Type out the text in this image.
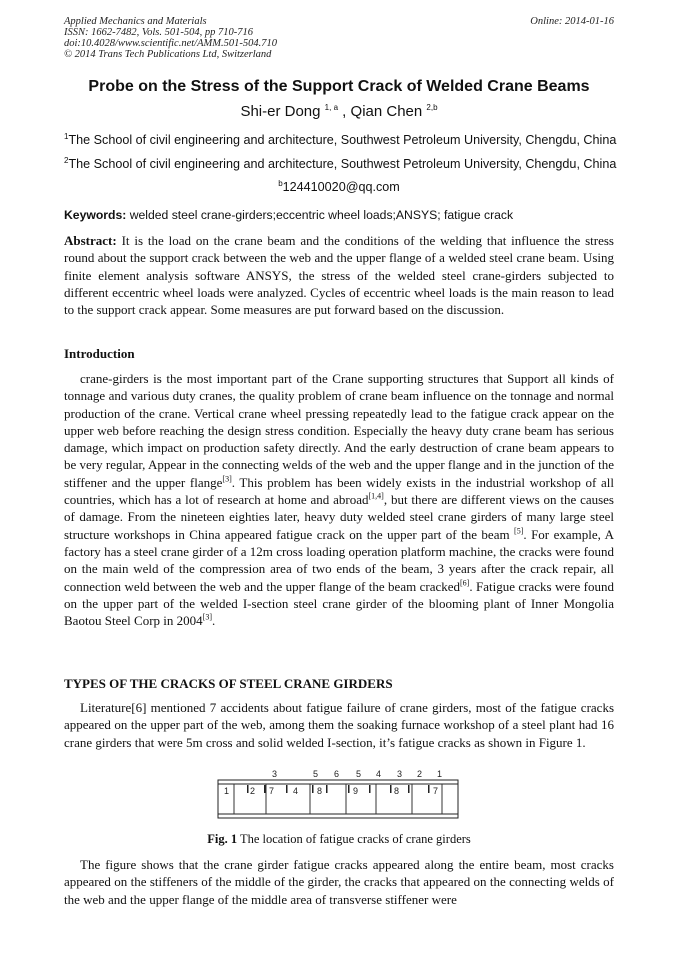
Applied Mechanics and Materials
ISSN: 1662-7482, Vols. 501-504, pp 710-716
doi:10.4028/www.scientific.net/AMM.501-504.710
© 2014 Trans Tech Publications Ltd, Switzerland
Online: 2014-01-16
Probe on the Stress of the Support Crack of Welded Crane Beams
Shi-er Dong $^{1, a}$ , Qian Chen $^{2,b}$
$^1$The School of civil engineering and architecture, Southwest Petroleum University, Chengdu, China
$^2$The School of civil engineering and architecture, Southwest Petroleum University, Chengdu, China
$^b$124410020@qq.com
Keywords: welded steel crane-girders;eccentric wheel loads;ANSYS; fatigue crack
Abstract: It is the load on the crane beam and the conditions of the welding that influence the stress round about the support crack between the web and the upper flange of a welded steel crane beam. Using finite element analysis software ANSYS, the stress of the welded steel crane-girders subjected to different eccentric wheel loads were analyzed. Cycles of eccentric wheel loads is the main reason to lead to the support crack appear. Some measures are put forward based on the discussion.
Introduction
crane-girders is the most important part of the Crane supporting structures that Support all kinds of tonnage and various duty cranes, the quality problem of crane beam influence on the tonnage and normal production of the crane. Vertical crane wheel pressing repeatedly lead to the fatigue crack appear on the upper web before reaching the design stress condition. Especially the heavy duty crane beam has serious damage, which impact on production safety directly. And the early destruction of crane beam appears to be very regular, Appear in the connecting welds of the web and the upper flange and in the junction of the stiffener and the upper flange[3]. This problem has been widely exists in the industrial workshop of all countries, which has a lot of research at home and abroad[1,4], but there are different views on the causes of damage. From the nineteen eighties later, heavy duty welded steel crane girders of many large steel structure workshops in China appeared fatigue crack on the upper part of the beam [5]. For example, A factory has a steel crane girder of a 12m cross loading operation platform machine, the cracks were found on the main weld of the compression area of two ends of the beam, 3 years after the crack repair, all connection weld between the web and the upper flange of the beam cracked[6]. Fatigue cracks were found on the upper part of the welded I-section steel crane girder of the blooming plant of Inner Mongolia Baotou Steel Corp in 2004[3].
TYPES OF THE CRACKS OF STEEL CRANE GIRDERS
Literature[6] mentioned 7 accidents about fatigue failure of crane girders, most of the fatigue cracks appeared on the upper part of the web, among them the soaking furnace workshop of a steel plant had 16 crane girders that were 5m cross and solid welded I-section, it’s fatigue cracks as shown in Figure 1.
3	5 6 5 4 3 2 1
1 2 7 4 8	9	8	7
Fig. 1 The location of fatigue cracks of crane girders
The figure shows that the crane girder fatigue cracks appeared along the entire beam, most cracks appeared on the stiffeners of the middle of the girder, the cracks that appeared on the connecting welds of the web and the upper flange of the middle area of transverse stiffener were
